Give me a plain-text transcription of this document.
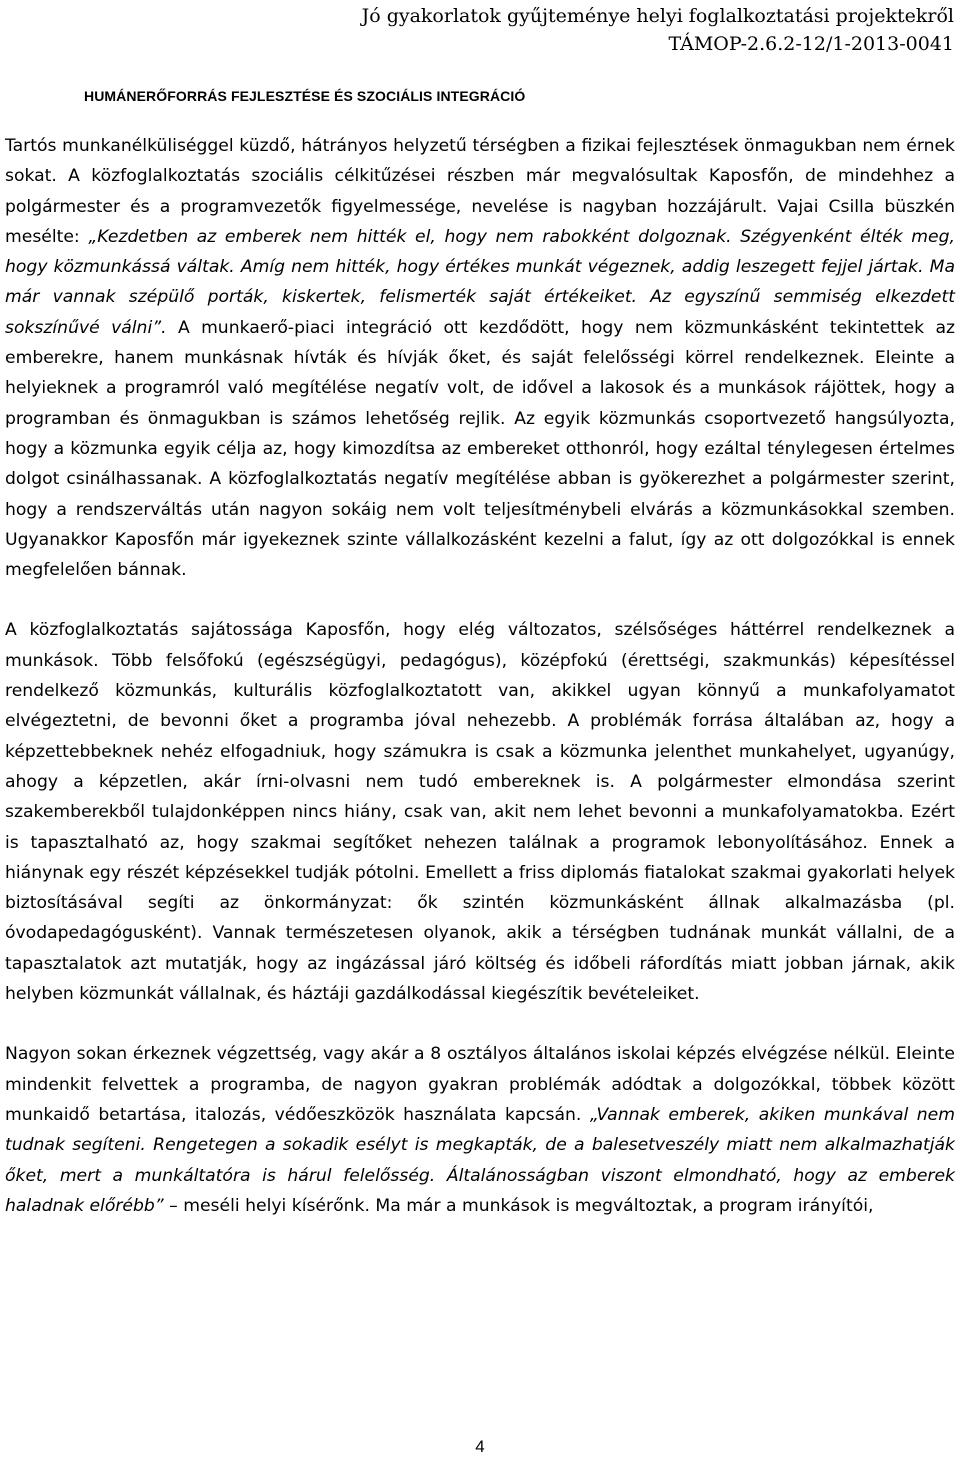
Jó gyakorlatok gyűjteménye helyi foglalkoztatási projektekről
TÁMOP-2.6.2-12/1-2013-0041
HUMÁNERŐFORRÁS FEJLESZTÉSE ÉS SZOCIÁLIS INTEGRÁCIÓ

Tartós munkanélküliséggel küzdő, hátrányos helyzetű térségben a fizikai fejlesztések önmagukban nem érnek sokat. A közfoglalkoztatás szociális célkitűzései részben már megvalósultak Kaposfőn, de mindehhez a polgármester és a programvezetők figyelmessége, nevelése is nagyban hozzájárult. Vajai Csilla büszkén mesélte: „Kezdetben az emberek nem hitték el, hogy nem rabokként dolgoznak. Szégyenként élték meg, hogy közmunkássá váltak. Amíg nem hitték, hogy értékes munkát végeznek, addig leszegett fejjel jártak. Ma már vannak szépülő porták, kiskertek, felismerték saját értékeiket. Az egyszínű semmiség elkezdett sokszínűvé válni”. A munkaerő-piaci integráció ott kezdődött, hogy nem közmunkásként tekintettek az emberekre, hanem munkásnak hívták és hívják őket, és saját felelősségi körrel rendelkeznek. Eleinte a helyieknek a programról való megítélése negatív volt, de idővel a lakosok és a munkások rájöttek, hogy a programban és önmagukban is számos lehetőség rejlik. Az egyik közmunkás csoportvezető hangsúlyozta, hogy a közmunka egyik célja az, hogy kimozdítsa az embereket otthonról, hogy ezáltal ténylegesen értelmes dolgot csinálhassanak. A közfoglalkoztatás negatív megítélése abban is gyökerezhet a polgármester szerint, hogy a rendszerváltás után nagyon sokáig nem volt teljesítménybeli elvárás a közmunkásokkal szemben. Ugyanakkor Kaposfőn már igyekeznek szinte vállalkozásként kezelni a falut, így az ott dolgozókkal is ennek megfelelően bánnak.

A közfoglalkoztatás sajátossága Kaposfőn, hogy elég változatos, szélsőséges háttérrel rendelkeznek a munkások. Több felsőfokú (egészségügyi, pedagógus), középfokú (érettségi, szakmunkás) képesítéssel rendelkező közmunkás, kulturális közfoglalkoztatott van, akikkel ugyan könnyű a munkafolyamatot elvégeztetni, de bevonni őket a programba jóval nehezebb. A problémák forrása általában az, hogy a képzettebbeknek nehéz elfogadniuk, hogy számukra is csak a közmunka jelenthet munkahelyet, ugyanúgy, ahogy a képzetlen, akár írni-olvasni nem tudó embereknek is. A polgármester elmondása szerint szakemberekből tulajdonképpen nincs hiány, csak van, akit nem lehet bevonni a munkafolyamatokba. Ezért is tapasztalható az, hogy szakmai segítőket nehezen találnak a programok lebonyolításához. Ennek a hiánynak egy részét képzésekkel tudják pótolni. Emellett a friss diplomás fiatalokat szakmai gyakorlati helyek biztosításával segíti az önkormányzat: ők szintén közmunkásként állnak alkalmazásba (pl. óvodapedagógusként). Vannak természetesen olyanok, akik a térségben tudnának munkát vállalni, de a tapasztalatok azt mutatják, hogy az ingázással járó költség és időbeli ráfordítás miatt jobban járnak, akik helyben közmunkát vállalnak, és háztáji gazdálkodással kiegészítik bevételeiket.

Nagyon sokan érkeznek végzettség, vagy akár a 8 osztályos általános iskolai képzés elvégzése nélkül. Eleinte mindenkit felvettek a programba, de nagyon gyakran problémák adódtak a dolgozókkal, többek között munkaidő betartása, italozás, védőeszközök használata kapcsán. „Vannak emberek, akiken munkával nem tudnak segíteni. Rengetegen a sokadik esélyt is megkapták, de a balesetveszély miatt nem alkalmazhatják őket, mert a munkáltatóra is hárul felelősség. Általánosságban viszont elmondható, hogy az emberek haladnak előrébb” – meséli helyi kísérőnk. Ma már a munkások is megváltoztak, a program irányítói,

4
